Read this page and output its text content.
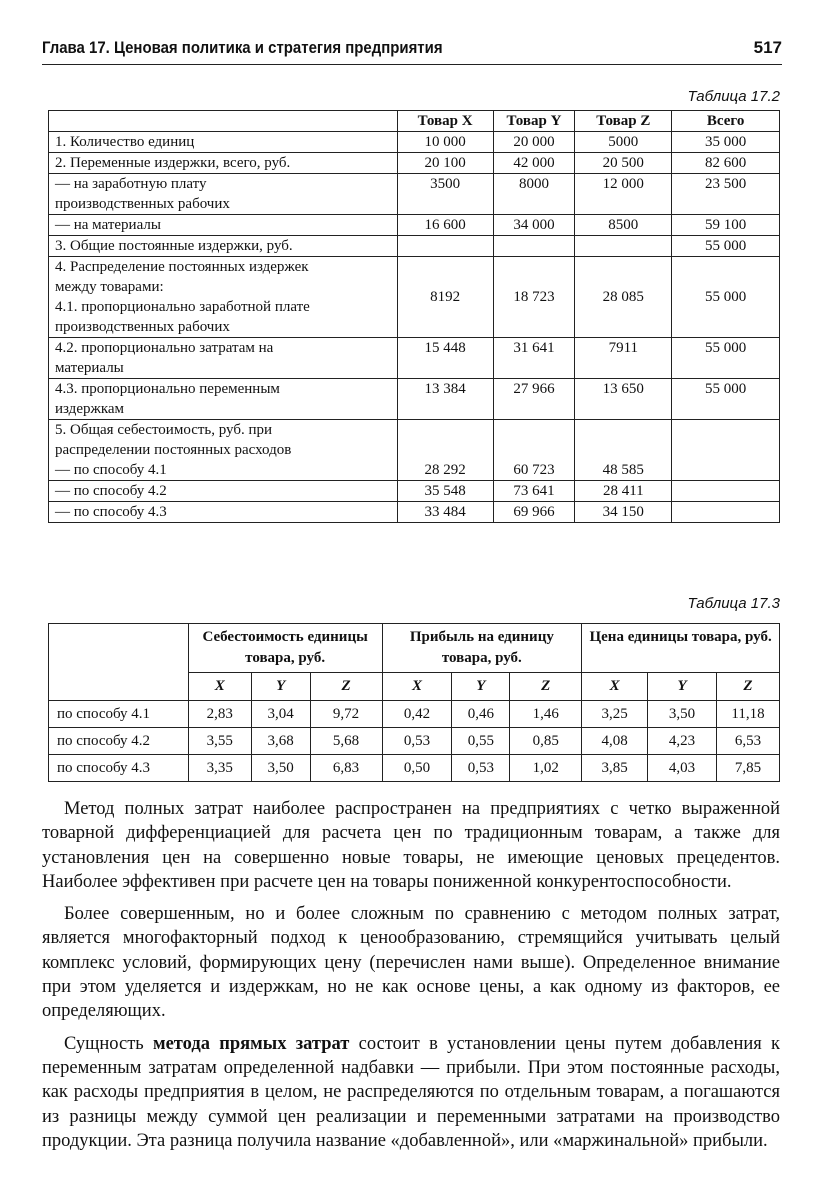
Глава 17. Ценовая политика и стратегия предприятия	517
Таблица 17.2
	Товар X	Товар Y	Товар Z	Всего
1. Количество единиц	10 000	20 000	5000	35 000
2. Переменные издержки, всего, руб.	20 100	42 000	20 500	82 600
— на заработную плату производственных рабочих	3500	8000	12 000	23 500
— на материалы	16 600	34 000	8500	59 100
3. Общие постоянные издержки, руб.				55 000

4. Распределение постоянных издержек между товарами:
4.1. пропорционально заработной плате производственных рабочих	8192	18 723	28 085	55 000
4.2. пропорционально затратам на материалы	15 448	31 641	7911	55 000
4.3. пропорционально переменным издержкам	13 384	27 966	13 650	55 000

5. Общая себестоимость, руб. при распределении постоянных расходов
— по способу 4.1	28 292	60 723	48 585	
— по способу 4.2	35 548	73 641	28 411	
— по способу 4.3	33 484	69 966	34 150	
Таблица 17.3
	Себестоимость единицы товара, руб.			Прибыль на единицу товара, руб.			Цена единицы товара, руб.		
	X	Y	Z	X	Y	Z	X	Y	Z
по способу 4.1	2,83	3,04	9,72	0,42	0,46	1,46	3,25	3,50	11,18
по способу 4.2	3,55	3,68	5,68	0,53	0,55	0,85	4,08	4,23	6,53
по способу 4.3	3,35	3,50	6,83	0,50	0,53	1,02	3,85	4,03	7,85

Метод полных затрат наиболее распространен на предприятиях с четко выраженной товарной дифференциацией для расчета цен по традиционным товарам, а также для установления цен на совершенно новые товары, не имеющие ценовых прецедентов. Наиболее эффективен при расчете цен на товары пониженной конкурентоспособности.

Более совершенным, но и более сложным по сравнению с методом полных затрат, является многофакторный подход к ценообразованию, стремящийся учитывать целый комплекс условий, формирующих цену (перечислен нами выше). Определенное внимание при этом уделяется и издержкам, но не как основе цены, а как одному из факторов, ее определяющих.

Сущность метода прямых затрат состоит в установлении цены путем добавления к переменным затратам определенной надбавки — прибыли. При этом постоянные расходы, как расходы предприятия в целом, не распределяются по отдельным товарам, а погашаются из разницы между суммой цен реализации и переменными затратами на производство продукции. Эта разница получила название «добавленной», или «маржинальной» прибыли.
